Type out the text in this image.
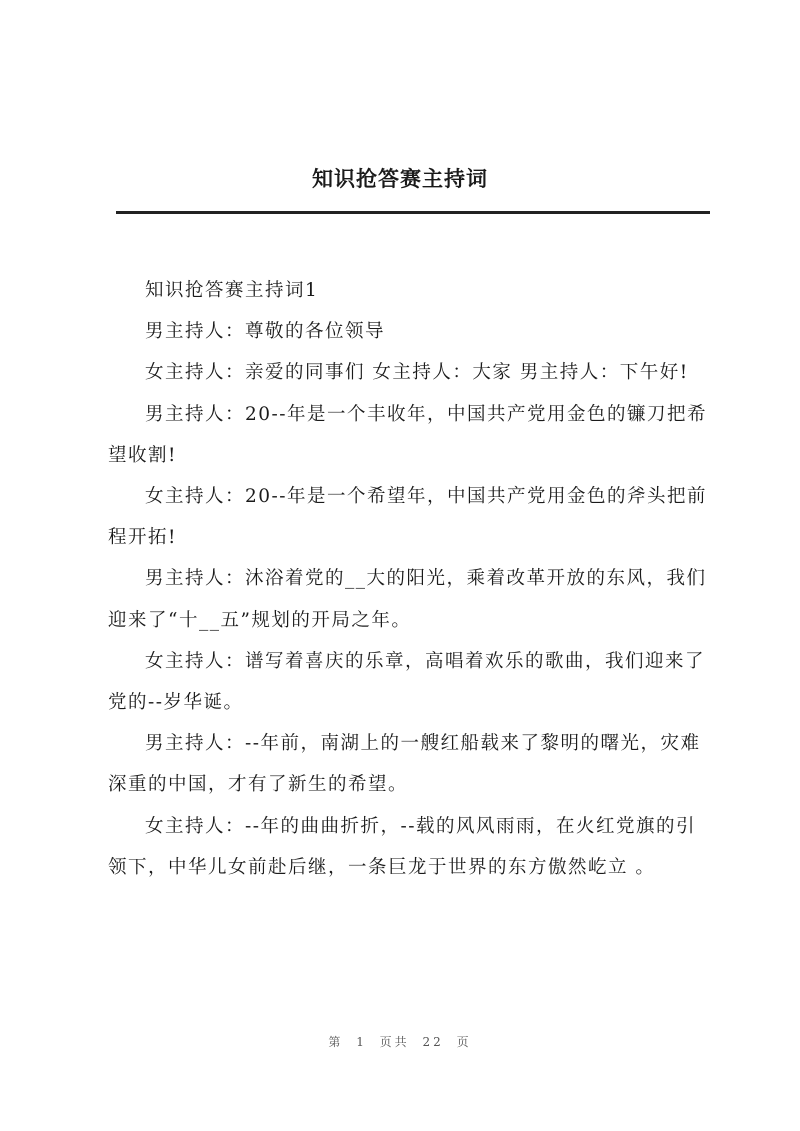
知识抢答赛主持词

知识抢答赛主持词1

男主持人：尊敬的各位领导

女主持人：亲爱的同事们 女主持人：大家 男主持人：下午好!

男主持人：20--年是一个丰收年，中国共产党用金色的镰刀把希望收割!

女主持人：20--年是一个希望年，中国共产党用金色的斧头把前程开拓!

男主持人：沐浴着党的__大的阳光，乘着改革开放的东风，我们迎来了“十__五”规划的开局之年。

女主持人：谱写着喜庆的乐章，高唱着欢乐的歌曲，我们迎来了党的--岁华诞。

男主持人：--年前，南湖上的一艘红船载来了黎明的曙光，灾难深重的中国，才有了新生的希望。

女主持人：--年的曲曲折折，--载的风风雨雨，在火红党旗的引领下，中华儿女前赴后继，一条巨龙于世界的东方傲然屹立 。

第 1 页共 22 页
